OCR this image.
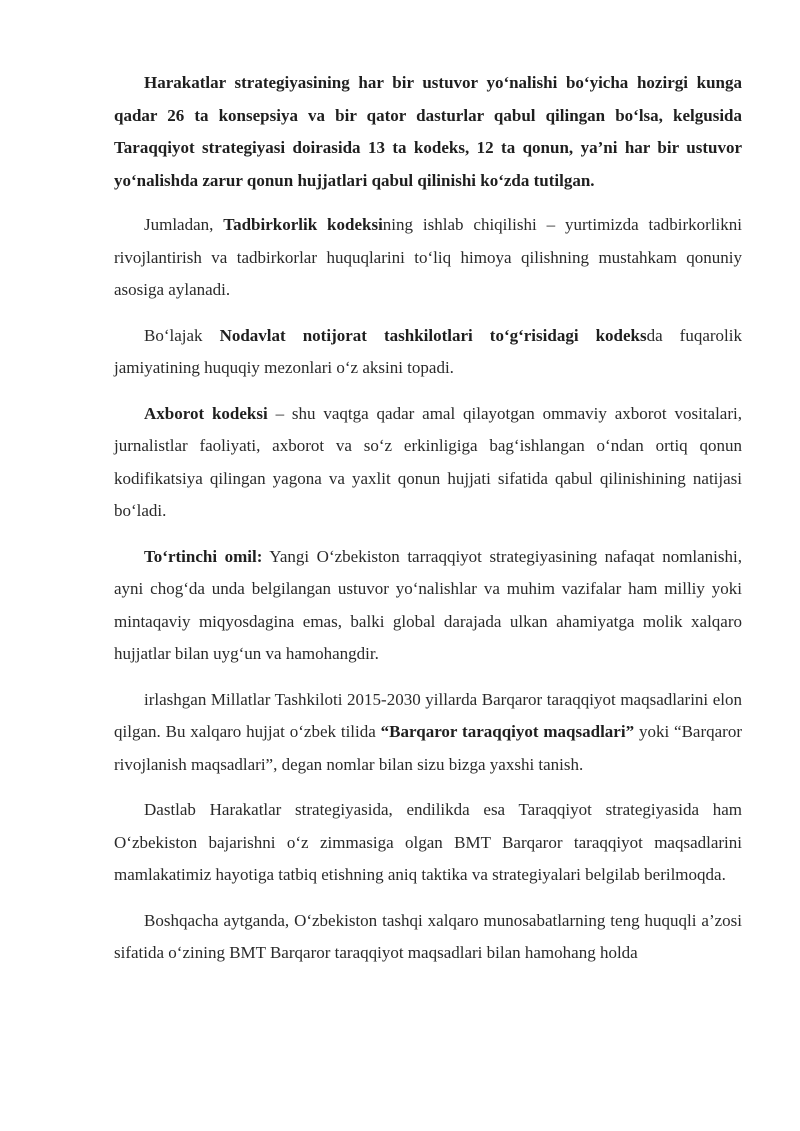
Harakatlar strategiyasining har bir ustuvor yo‘nalishi bo‘yicha hozirgi kunga qadar 26 ta konsepsiya va bir qator dasturlar qabul qilingan bo‘lsa, kelgusida Taraqqiyot strategiyasi doirasida 13 ta kodeks, 12 ta qonun, ya’ni har bir ustuvor yo‘nalishda zarur qonun hujjatlari qabul qilinishi ko‘zda tutilgan.

Jumladan, Tadbirkorlik kodeksining ishlab chiqilishi – yurtimizda tadbirkorlikni rivojlantirish va tadbirkorlar huquqlarini to‘liq himoya qilishning mustahkam qonuniy asosiga aylanadi.

Bo‘lajak Nodavlat notijorat tashkilotlari to‘g‘risidagi kodeksda fuqarolik jamiyatining huquqiy mezonlari o‘z aksini topadi.

Axborot kodeksi – shu vaqtga qadar amal qilayotgan ommaviy axborot vositalari, jurnalistlar faoliyati, axborot va so‘z erkinligiga bag‘ishlangan o‘ndan ortiq qonun kodifikatsiya qilingan yagona va yaxlit qonun hujjati sifatida qabul qilinishining natijasi bo‘ladi.

To‘rtinchi omil: Yangi O‘zbekiston tarraqqiyot strategiyasining nafaqat nomlanishi, ayni chog‘da unda belgilangan ustuvor yo‘nalishlar va muhim vazifalar ham milliy yoki mintaqaviy miqyosdagina emas, balki global darajada ulkan ahamiyatga molik xalqaro hujjatlar bilan uyg‘un va hamohangdir.

irlashgan Millatlar Tashkiloti 2015-2030 yillarda Barqaror taraqqiyot maqsadlarini elon qilgan. Bu xalqaro hujjat o‘zbek tilida “Barqaror taraqqiyot maqsadlari” yoki “Barqaror rivojlanish maqsadlari”, degan nomlar bilan sizu bizga yaxshi tanish.

Dastlab Harakatlar strategiyasida, endilikda esa Taraqqiyot strategiyasida ham O‘zbekiston bajarishni o‘z zimmasiga olgan BMT Barqaror taraqqiyot maqsadlarini mamlakatimiz hayotiga tatbiq etishning aniq taktika va strategiyalari belgilab berilmoqda.

Boshqacha aytganda, O‘zbekiston tashqi xalqaro munosabatlarning teng huquqli a’zosi sifatida o‘zining BMT Barqaror taraqqiyot maqsadlari bilan hamohang holda
